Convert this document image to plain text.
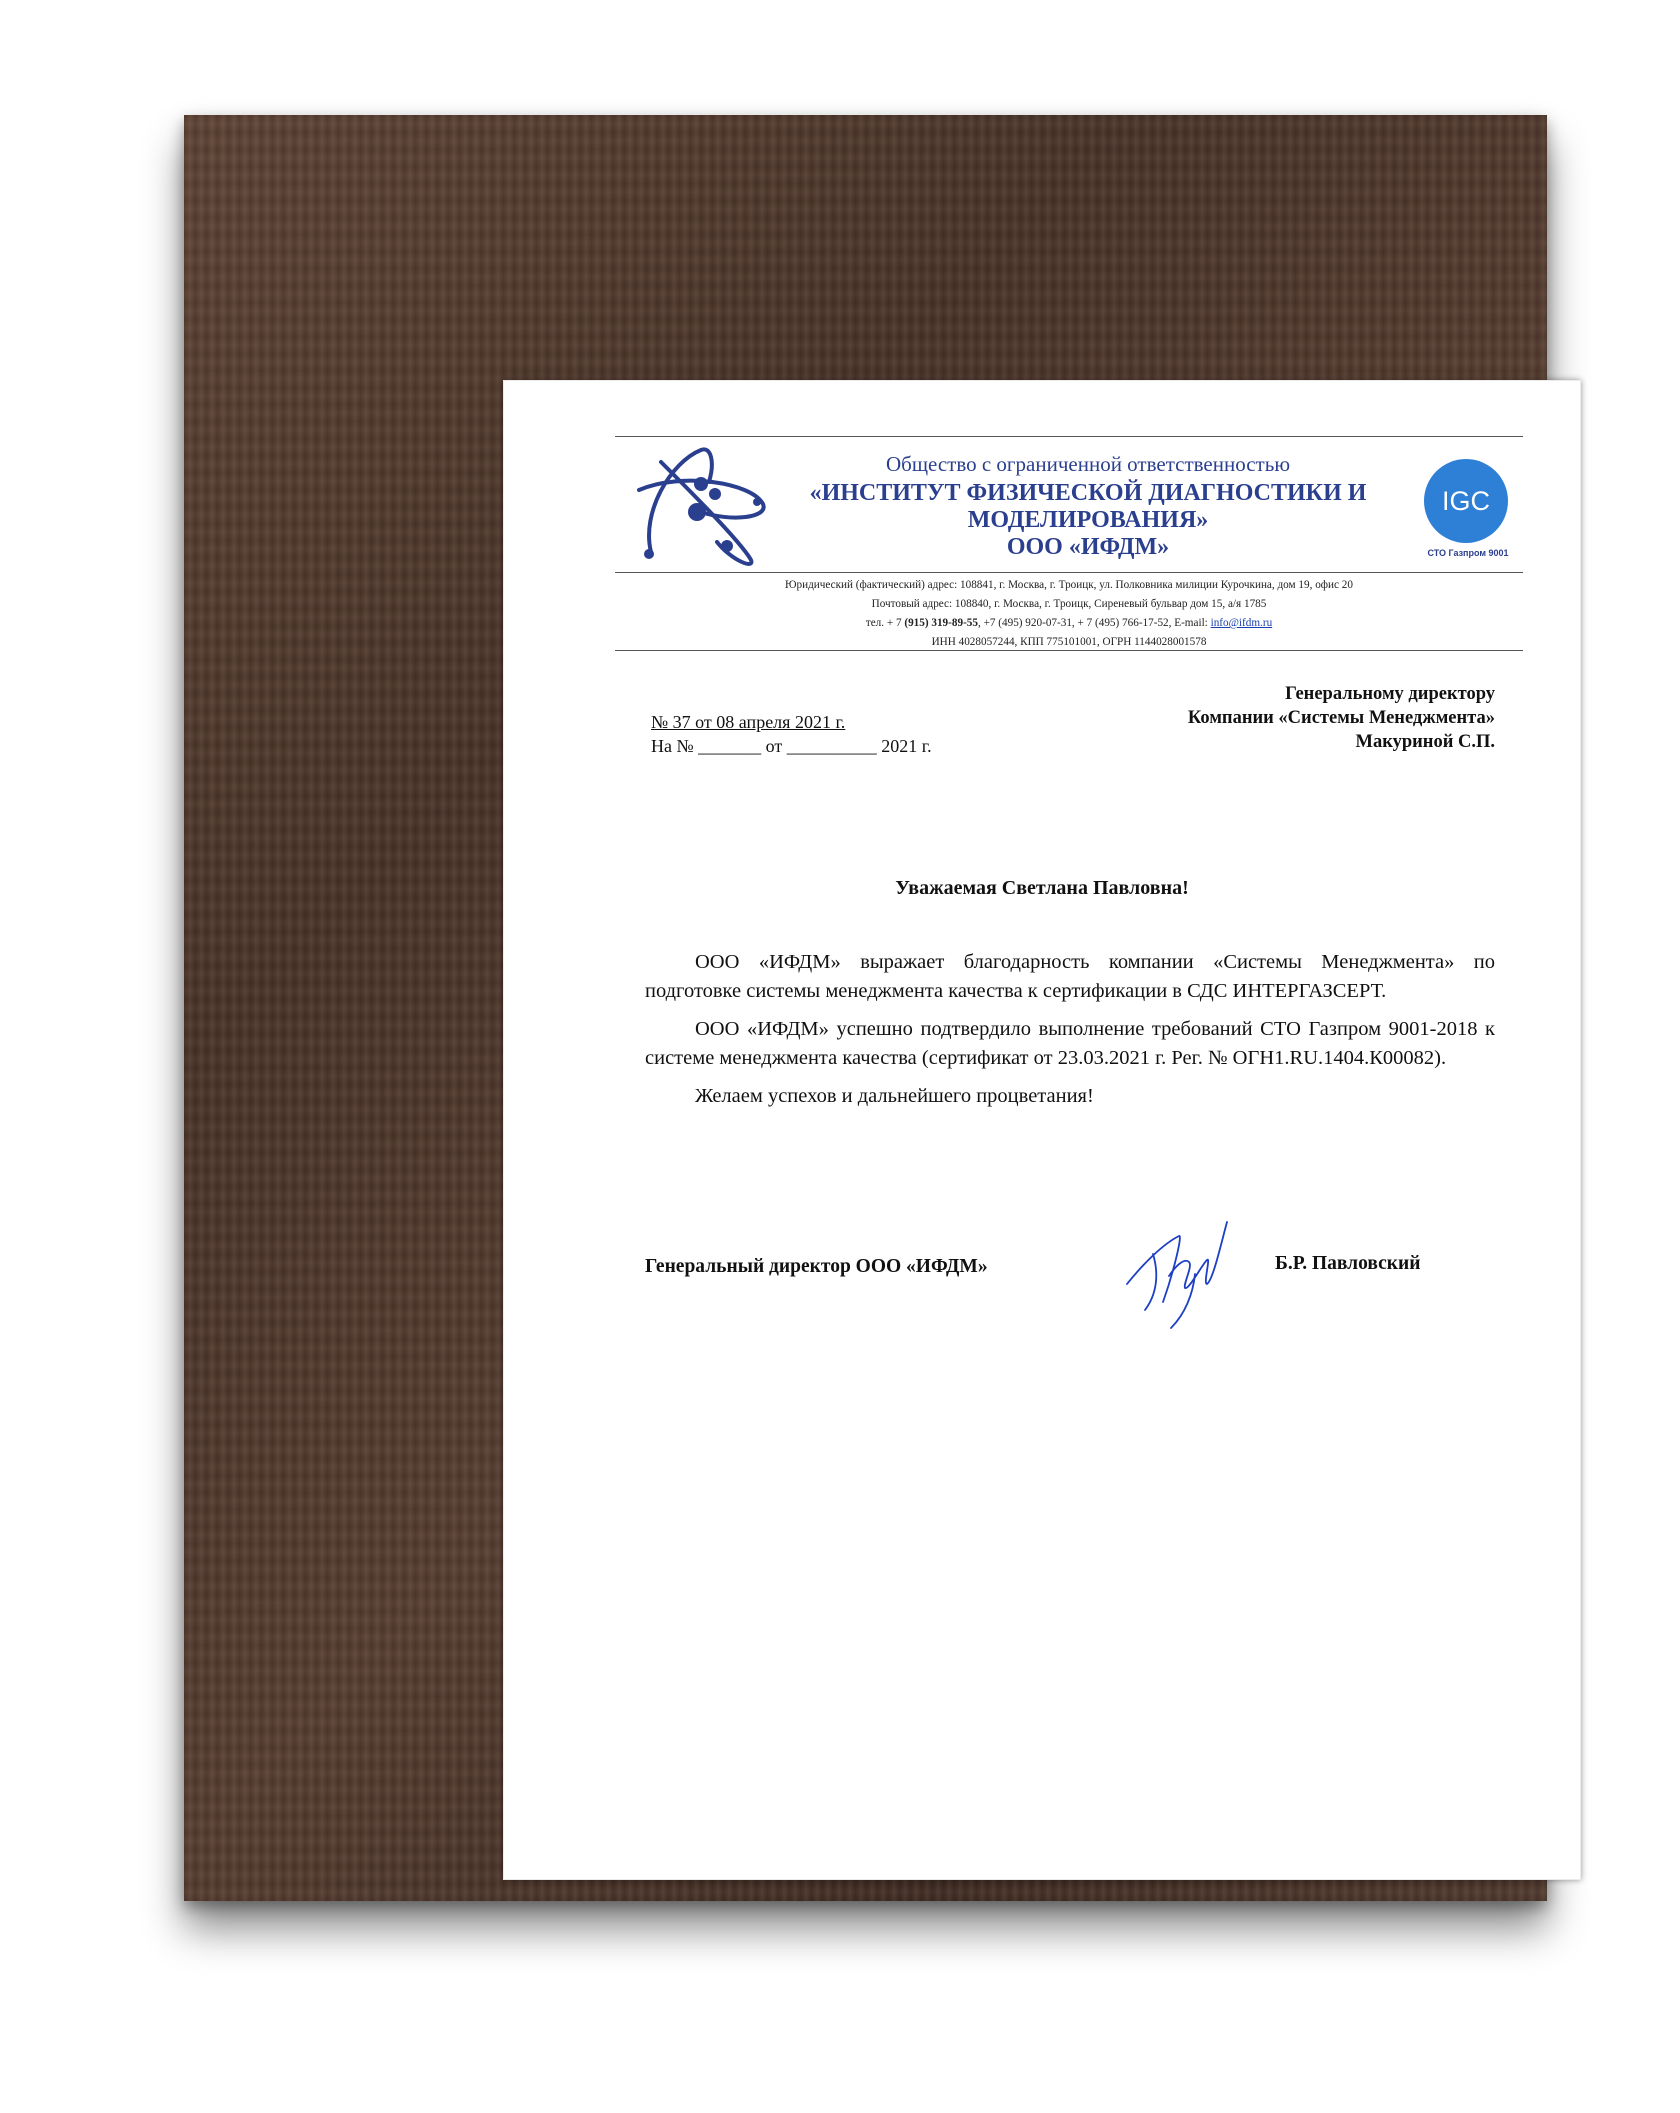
Общество с ограниченной ответственностью
«ИНСТИТУТ ФИЗИЧЕСКОЙ ДИАГНОСТИКИ И
МОДЕЛИРОВАНИЯ»
ООО «ИФДМ»
IGC
СТО Газпром 9001
Юридический (фактический) адрес: 108841, г. Москва, г. Троицк, ул. Полковника милиции Курочкина, дом 19, офис 20
Почтовый адрес: 108840, г. Москва, г. Троицк, Сиреневый бульвар дом 15, а/я 1785
тел. + 7 (915) 319-89-55, +7 (495) 920-07-31, + 7 (495) 766-17-52, E-mail: info@ifdm.ru
ИНН 4028057244, КПП 775101001, ОГРН 1144028001578
Генеральному директору
Компании «Системы Менеджмента»
Макуриной С.П.
№ 37 от 08 апреля 2021 г.
На № _______ от __________ 2021 г.
Уважаемая Светлана Павловна!

ООО «ИФДМ» выражает благодарность компании «Системы Менеджмента» по подготовке системы менеджмента качества к сертификации в СДС ИНТЕРГАЗСЕРТ.

ООО «ИФДМ» успешно подтвердило выполнение требований СТО Газпром 9001-2018 к системе менеджмента качества (сертификат от 23.03.2021 г. Рег. № ОГН1.RU.1404.К00082).

Желаем успехов и дальнейшего процветания!

Генеральный директор ООО «ИФДМ»	Б.Р. Павловский
